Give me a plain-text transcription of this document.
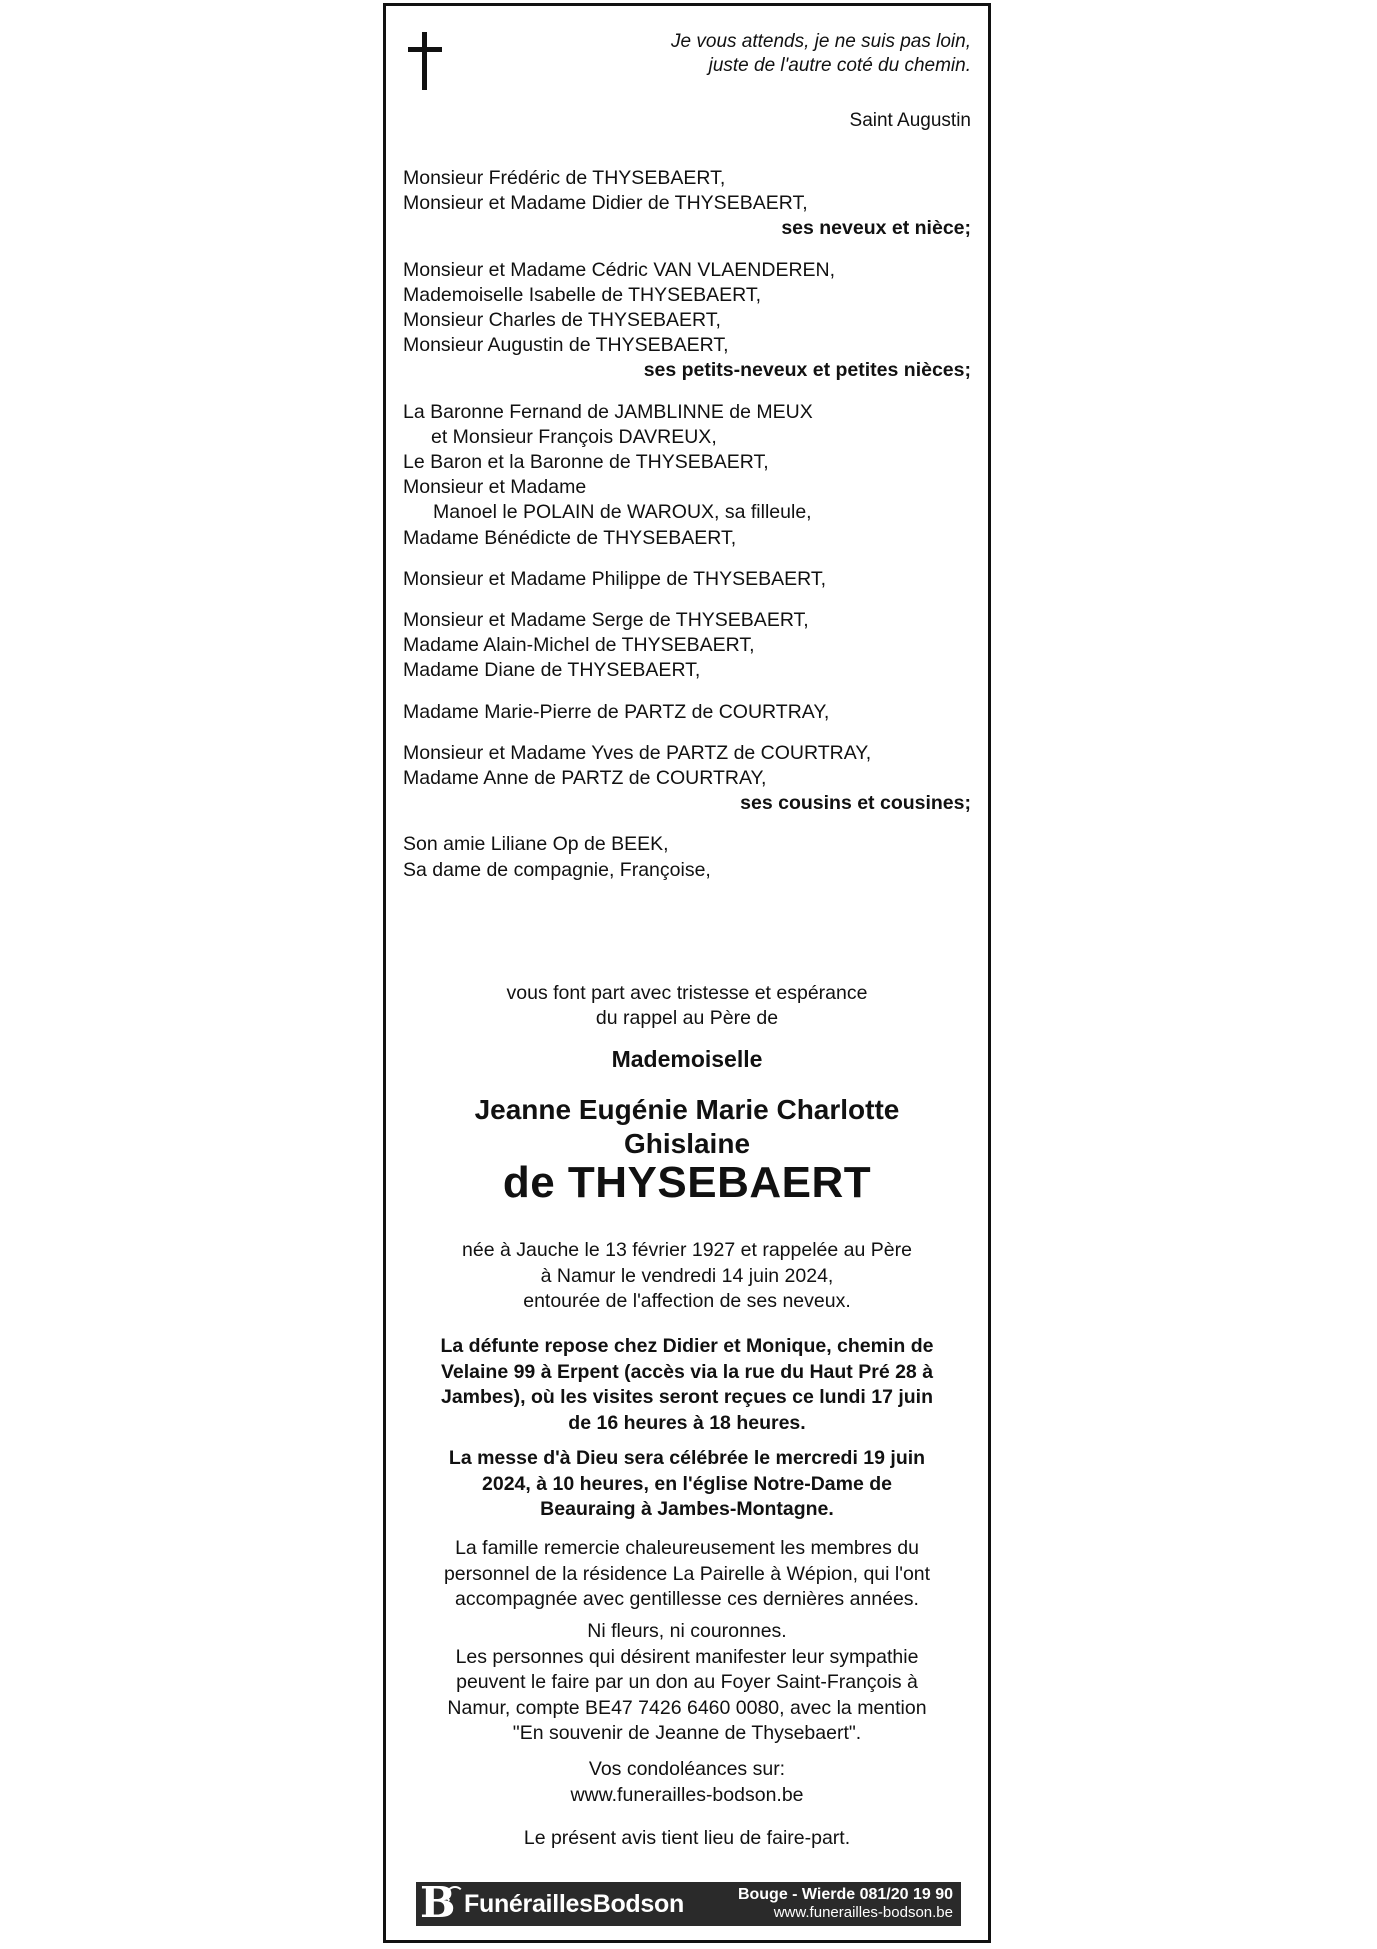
Je vous attends, je ne suis pas loin,
juste de l'autre coté du chemin.
Saint Augustin
Monsieur Frédéric de THYSEBAERT,
Monsieur et Madame Didier de THYSEBAERT,
ses neveux et nièce;
Monsieur et Madame Cédric VAN VLAENDEREN,
Mademoiselle Isabelle de THYSEBAERT,
Monsieur Charles de THYSEBAERT,
Monsieur Augustin de THYSEBAERT,
ses petits-neveux et petites nièces;
La Baronne Fernand de JAMBLINNE de MEUX
et Monsieur François DAVREUX,
Le Baron et la Baronne de THYSEBAERT,
Monsieur et Madame
Manoel le POLAIN de WAROUX, sa filleule,
Madame Bénédicte de THYSEBAERT,
Monsieur et Madame Philippe de THYSEBAERT,
Monsieur et Madame Serge de THYSEBAERT,
Madame Alain-Michel de THYSEBAERT,
Madame Diane de THYSEBAERT,
Madame Marie-Pierre de PARTZ de COURTRAY,
Monsieur et Madame Yves de PARTZ de COURTRAY,
Madame Anne de PARTZ de COURTRAY,
ses cousins et cousines;
Son amie Liliane Op de BEEK,
Sa dame de compagnie, Françoise,
vous font part avec tristesse et espérance
du rappel au Père de
Mademoiselle
Jeanne Eugénie Marie Charlotte
Ghislaine
de THYSEBAERT
née à Jauche le 13 février 1927 et rappelée au Père
à Namur le vendredi 14 juin 2024,
entourée de l'affection de ses neveux.
La défunte repose chez Didier et Monique, chemin de
Velaine 99 à Erpent (accès via la rue du Haut Pré 28 à
Jambes), où les visites seront reçues ce lundi 17 juin
de 16 heures à 18 heures.
La messe d'à Dieu sera célébrée le mercredi 19 juin
2024, à 10 heures, en l'église Notre-Dame de
Beauraing à Jambes-Montagne.
La famille remercie chaleureusement les membres du
personnel de la résidence La Pairelle à Wépion, qui l'ont
accompagnée avec gentillesse ces dernières années.
Ni fleurs, ni couronnes.
Les personnes qui désirent manifester leur sympathie
peuvent le faire par un don au Foyer Saint-François à
Namur, compte BE47 7426 6460 0080, avec la mention
"En souvenir de Jeanne de Thysebaert".
Vos condoléances sur:
www.funerailles-bodson.be
Le présent avis tient lieu de faire-part.
B FunéraillesBodson	Bouge - Wierde 081/20 19 90
www.funerailles-bodson.be
